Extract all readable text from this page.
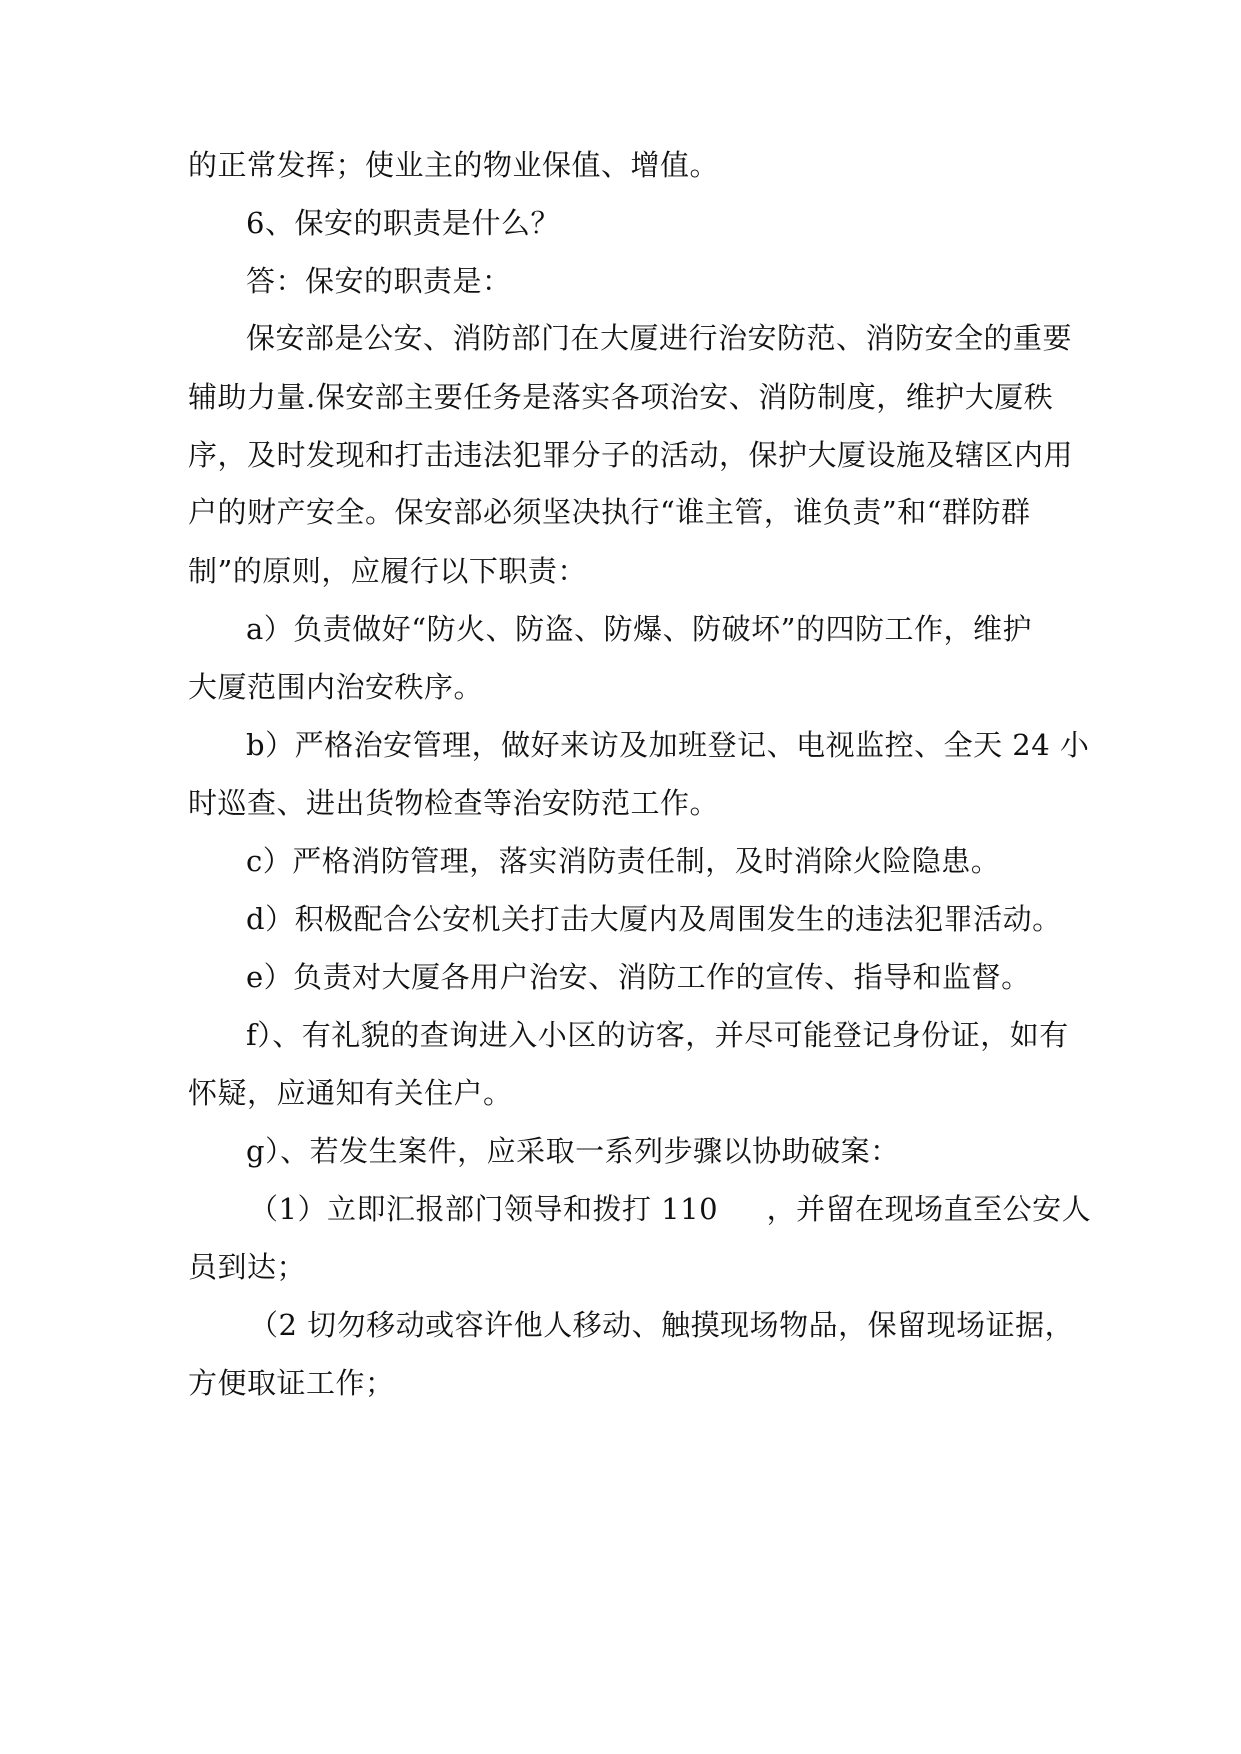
的正常发挥；使业主的物业保值、增值。
6、保安的职责是什么？
答：保安的职责是：
保安部是公安、消防部门在大厦进行治安防范、消防安全的重要
辅助力量.保安部主要任务是落实各项治安、消防制度，维护大厦秩
序，及时发现和打击违法犯罪分子的活动，保护大厦设施及辖区内用
户的财产安全。保安部必须坚决执行“谁主管，谁负责”和“群防群
制”的原则，应履行以下职责：
a）负责做好“防火、防盗、防爆、防破坏”的四防工作，维护
大厦范围内治安秩序。
b）严格治安管理，做好来访及加班登记、电视监控、全天 24 小
时巡查、进出货物检查等治安防范工作。
c）严格消防管理，落实消防责任制，及时消除火险隐患。
d）积极配合公安机关打击大厦内及周围发生的违法犯罪活动。
e）负责对大厦各用户治安、消防工作的宣传、指导和监督。
f）、有礼貌的查询进入小区的访客，并尽可能登记身份证，如有
怀疑，应通知有关住户。
g）、若发生案件，应采取一系列步骤以协助破案：
（1）立即汇报部门领导和拨打 110     ，并留在现场直至公安人
员到达；
（2 切勿移动或容许他人移动、触摸现场物品，保留现场证据，
方便取证工作；
